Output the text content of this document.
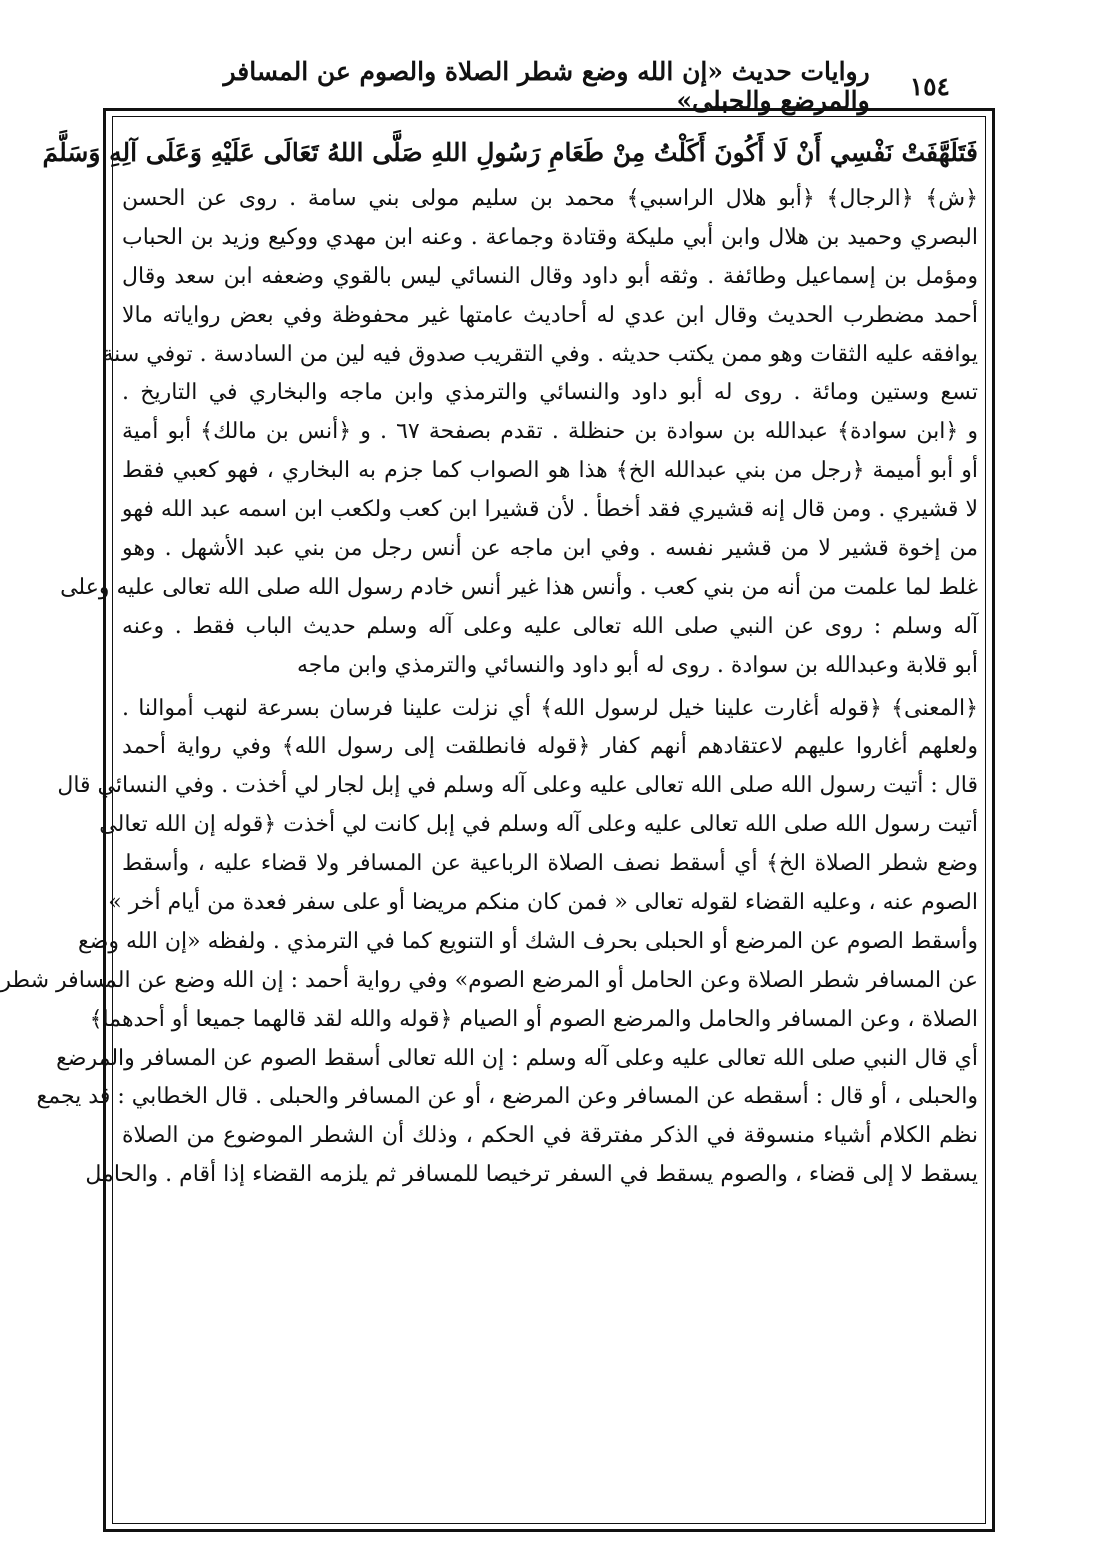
١٥٤
روايات حديث «إن الله وضع شطر الصلاة والصوم عن المسافر والمرضع والحبلى»
فَتَلَهَّفَتْ نَفْسِي أَنْ لَا أَكُونَ أَكَلْتُ مِنْ طَعَامِ رَسُولِ اللهِ صَلَّى اللهُ تَعَالَى عَلَيْهِ وَعَلَى آلِهِ وَسَلَّمَ
﴿ش﴾ ﴿الرجال﴾ ﴿أبو هلال الراسبي﴾ محمد بن سليم مولى بني سامة . روى عن الحسن
البصري وحميد بن هلال وابن أبي مليكة وقتادة وجماعة . وعنه ابن مهدي ووكيع وزيد بن الحباب
ومؤمل بن إسماعيل وطائفة . وثقه أبو داود وقال النسائي ليس بالقوي وضعفه ابن سعد وقال
أحمد مضطرب الحديث وقال ابن عدي له أحاديث عامتها غير محفوظة وفي بعض رواياته مالا
يوافقه عليه الثقات وهو ممن يكتب حديثه . وفي التقريب صدوق فيه لين من السادسة . توفي سنة
تسع وستين ومائة . روى له أبو داود والنسائي والترمذي وابن ماجه والبخاري في التاريخ .
و ﴿ابن سوادة﴾ عبدالله بن سوادة بن حنظلة . تقدم بصفحة ٦٧ . و ﴿أنس بن مالك﴾ أبو أمية
أو أبو أميمة ﴿رجل من بني عبدالله الخ﴾ هذا هو الصواب كما جزم به البخاري ، فهو كعبي فقط
لا قشيري . ومن قال إنه قشيري فقد أخطأ . لأن قشيرا ابن كعب ولكعب ابن اسمه عبد الله فهو
من إخوة قشير لا من قشير نفسه . وفي ابن ماجه عن أنس رجل من بني عبد الأشهل . وهو
غلط لما علمت من أنه من بني كعب . وأنس هذا غير أنس خادم رسول الله صلى الله تعالى عليه وعلى
آله وسلم : روى عن النبي صلى الله تعالى عليه وعلى آله وسلم حديث الباب فقط . وعنه
أبو قلابة وعبدالله بن سوادة . روى له أبو داود والنسائي والترمذي وابن ماجه
﴿المعنى﴾ ﴿قوله أغارت علينا خيل لرسول الله﴾ أي نزلت علينا فرسان بسرعة لنهب أموالنا .
ولعلهم أغاروا عليهم لاعتقادهم أنهم كفار ﴿قوله فانطلقت إلى رسول الله﴾ وفي رواية أحمد
قال : أتيت رسول الله صلى الله تعالى عليه وعلى آله وسلم في إبل لجار لي أخذت . وفي النسائي قال
أتيت رسول الله صلى الله تعالى عليه وعلى آله وسلم في إبل كانت لي أخذت ﴿قوله إن الله تعالى
وضع شطر الصلاة الخ﴾ أي أسقط نصف الصلاة الرباعية عن المسافر ولا قضاء عليه ، وأسقط
الصوم عنه ، وعليه القضاء لقوله تعالى « فمن كان منكم مريضا أو على سفر فعدة من أيام أخر »
وأسقط الصوم عن المرضع أو الحبلى بحرف الشك أو التنويع كما في الترمذي . ولفظه «إن الله وضع
عن المسافر شطر الصلاة وعن الحامل أو المرضع الصوم» وفي رواية أحمد : إن الله وضع عن المسافر شطر
الصلاة ، وعن المسافر والحامل والمرضع الصوم أو الصيام ﴿قوله والله لقد قالهما جميعا أو أحدهما﴾
أي قال النبي صلى الله تعالى عليه وعلى آله وسلم : إن الله تعالى أسقط الصوم عن المسافر والمرضع
والحبلى ، أو قال : أسقطه عن المسافر وعن المرضع ، أو عن المسافر والحبلى . قال الخطابي : قد يجمع
نظم الكلام أشياء منسوقة في الذكر مفترقة في الحكم ، وذلك أن الشطر الموضوع من الصلاة
يسقط لا إلى قضاء ، والصوم يسقط في السفر ترخيصا للمسافر ثم يلزمه القضاء إذا أقام . والحامل
